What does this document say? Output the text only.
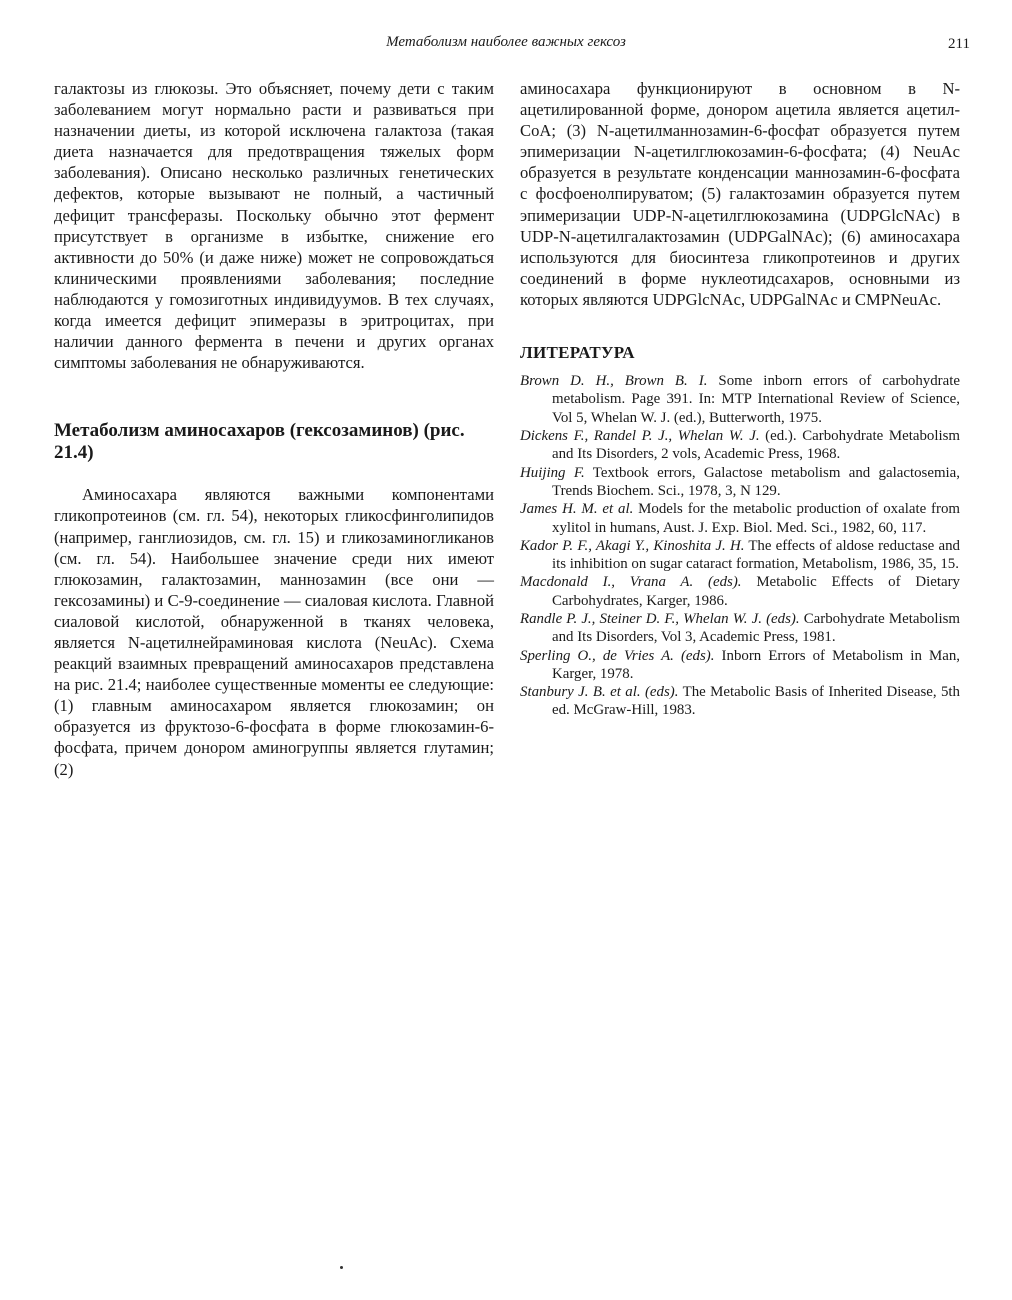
Метаболизм наиболее важных гексоз	211

галактозы из глюкозы. Это объясняет, почему дети с таким заболеванием могут нормально расти и развиваться при назначении диеты, из которой исключена галактоза (такая диета назначается для предотвращения тяжелых форм заболевания). Описано несколько различных генетических дефектов, которые вызывают не полный, а частичный дефицит трансферазы. Поскольку обычно этот фермент присутствует в организме в избытке, снижение его активности до 50% (и даже ниже) может не сопровождаться клиническими проявлениями заболевания; последние наблюдаются у гомозиготных индивидуумов. В тех случаях, когда имеется дефицит эпимеразы в эритроцитах, при наличии данного фермента в печени и других органах симптомы заболевания не обнаруживаются.

Метаболизм аминосахаров (гексозаминов) (рис. 21.4)

Аминосахара являются важными компонентами гликопротеинов (см. гл. 54), некоторых гликосфинголипидов (например, ганглиозидов, см. гл. 15) и гликозаминогликанов (см. гл. 54). Наибольшее значение среди них имеют глюкозамин, галактозамин, маннозамин (все они — гексозамины) и C-9-соединение — сиаловая кислота. Главной сиаловой кислотой, обнаруженной в тканях человека, является N-ацетилнейраминовая кислота (NeuAc). Схема реакций взаимных превращений аминосахаров представлена на рис. 21.4; наиболее существенные моменты ее следующие: (1) главным аминосахаром является глюкозамин; он образуется из фруктозо-6-фосфата в форме глюкозамин-6-фосфата, причем донором аминогруппы является глутамин; (2)

аминосахара функционируют в основном в N-ацетилированной форме, донором ацетила является ацетил-CoA; (3) N-ацетилманнозамин-6-фосфат образуется путем эпимеризации N-ацетилглюкозамин-6-фосфата; (4) NeuAc образуется в результате конденсации маннозамин-6-фосфата с фосфоенолпируватом; (5) галактозамин образуется путем эпимеризации UDP-N-ацетилглюкозамина (UDPGlcNAc) в UDP-N-ацетилгалактозамин (UDPGalNAc); (6) аминосахара используются для биосинтеза гликопротеинов и других соединений в форме нуклеотидсахаров, основными из которых являются UDPGlcNAc, UDPGalNAc и CMPNeuAc.

ЛИТЕРАТУРА

Brown D. H., Brown B. I. Some inborn errors of carbohydrate metabolism. Page 391. In: MTP International Review of Science, Vol 5, Whelan W. J. (ed.), Butterworth, 1975.

Dickens F., Randel P. J., Whelan W. J. (ed.). Carbohydrate Metabolism and Its Disorders, 2 vols, Academic Press, 1968.

Huijing F. Textbook errors, Galactose metabolism and galactosemia, Trends Biochem. Sci., 1978, 3, N 129.

James H. M. et al. Models for the metabolic production of oxalate from xylitol in humans, Aust. J. Exp. Biol. Med. Sci., 1982, 60, 117.

Kador P. F., Akagi Y., Kinoshita J. H. The effects of aldose reductase and its inhibition on sugar cataract formation, Metabolism, 1986, 35, 15.

Macdonald I., Vrana A. (eds). Metabolic Effects of Dietary Carbohydrates, Karger, 1986.

Randle P. J., Steiner D. F., Whelan W. J. (eds). Carbohydrate Metabolism and Its Disorders, Vol 3, Academic Press, 1981.

Sperling O., de Vries A. (eds). Inborn Errors of Metabolism in Man, Karger, 1978.

Stanbury J. B. et al. (eds). The Metabolic Basis of Inherited Disease, 5th ed. McGraw-Hill, 1983.
